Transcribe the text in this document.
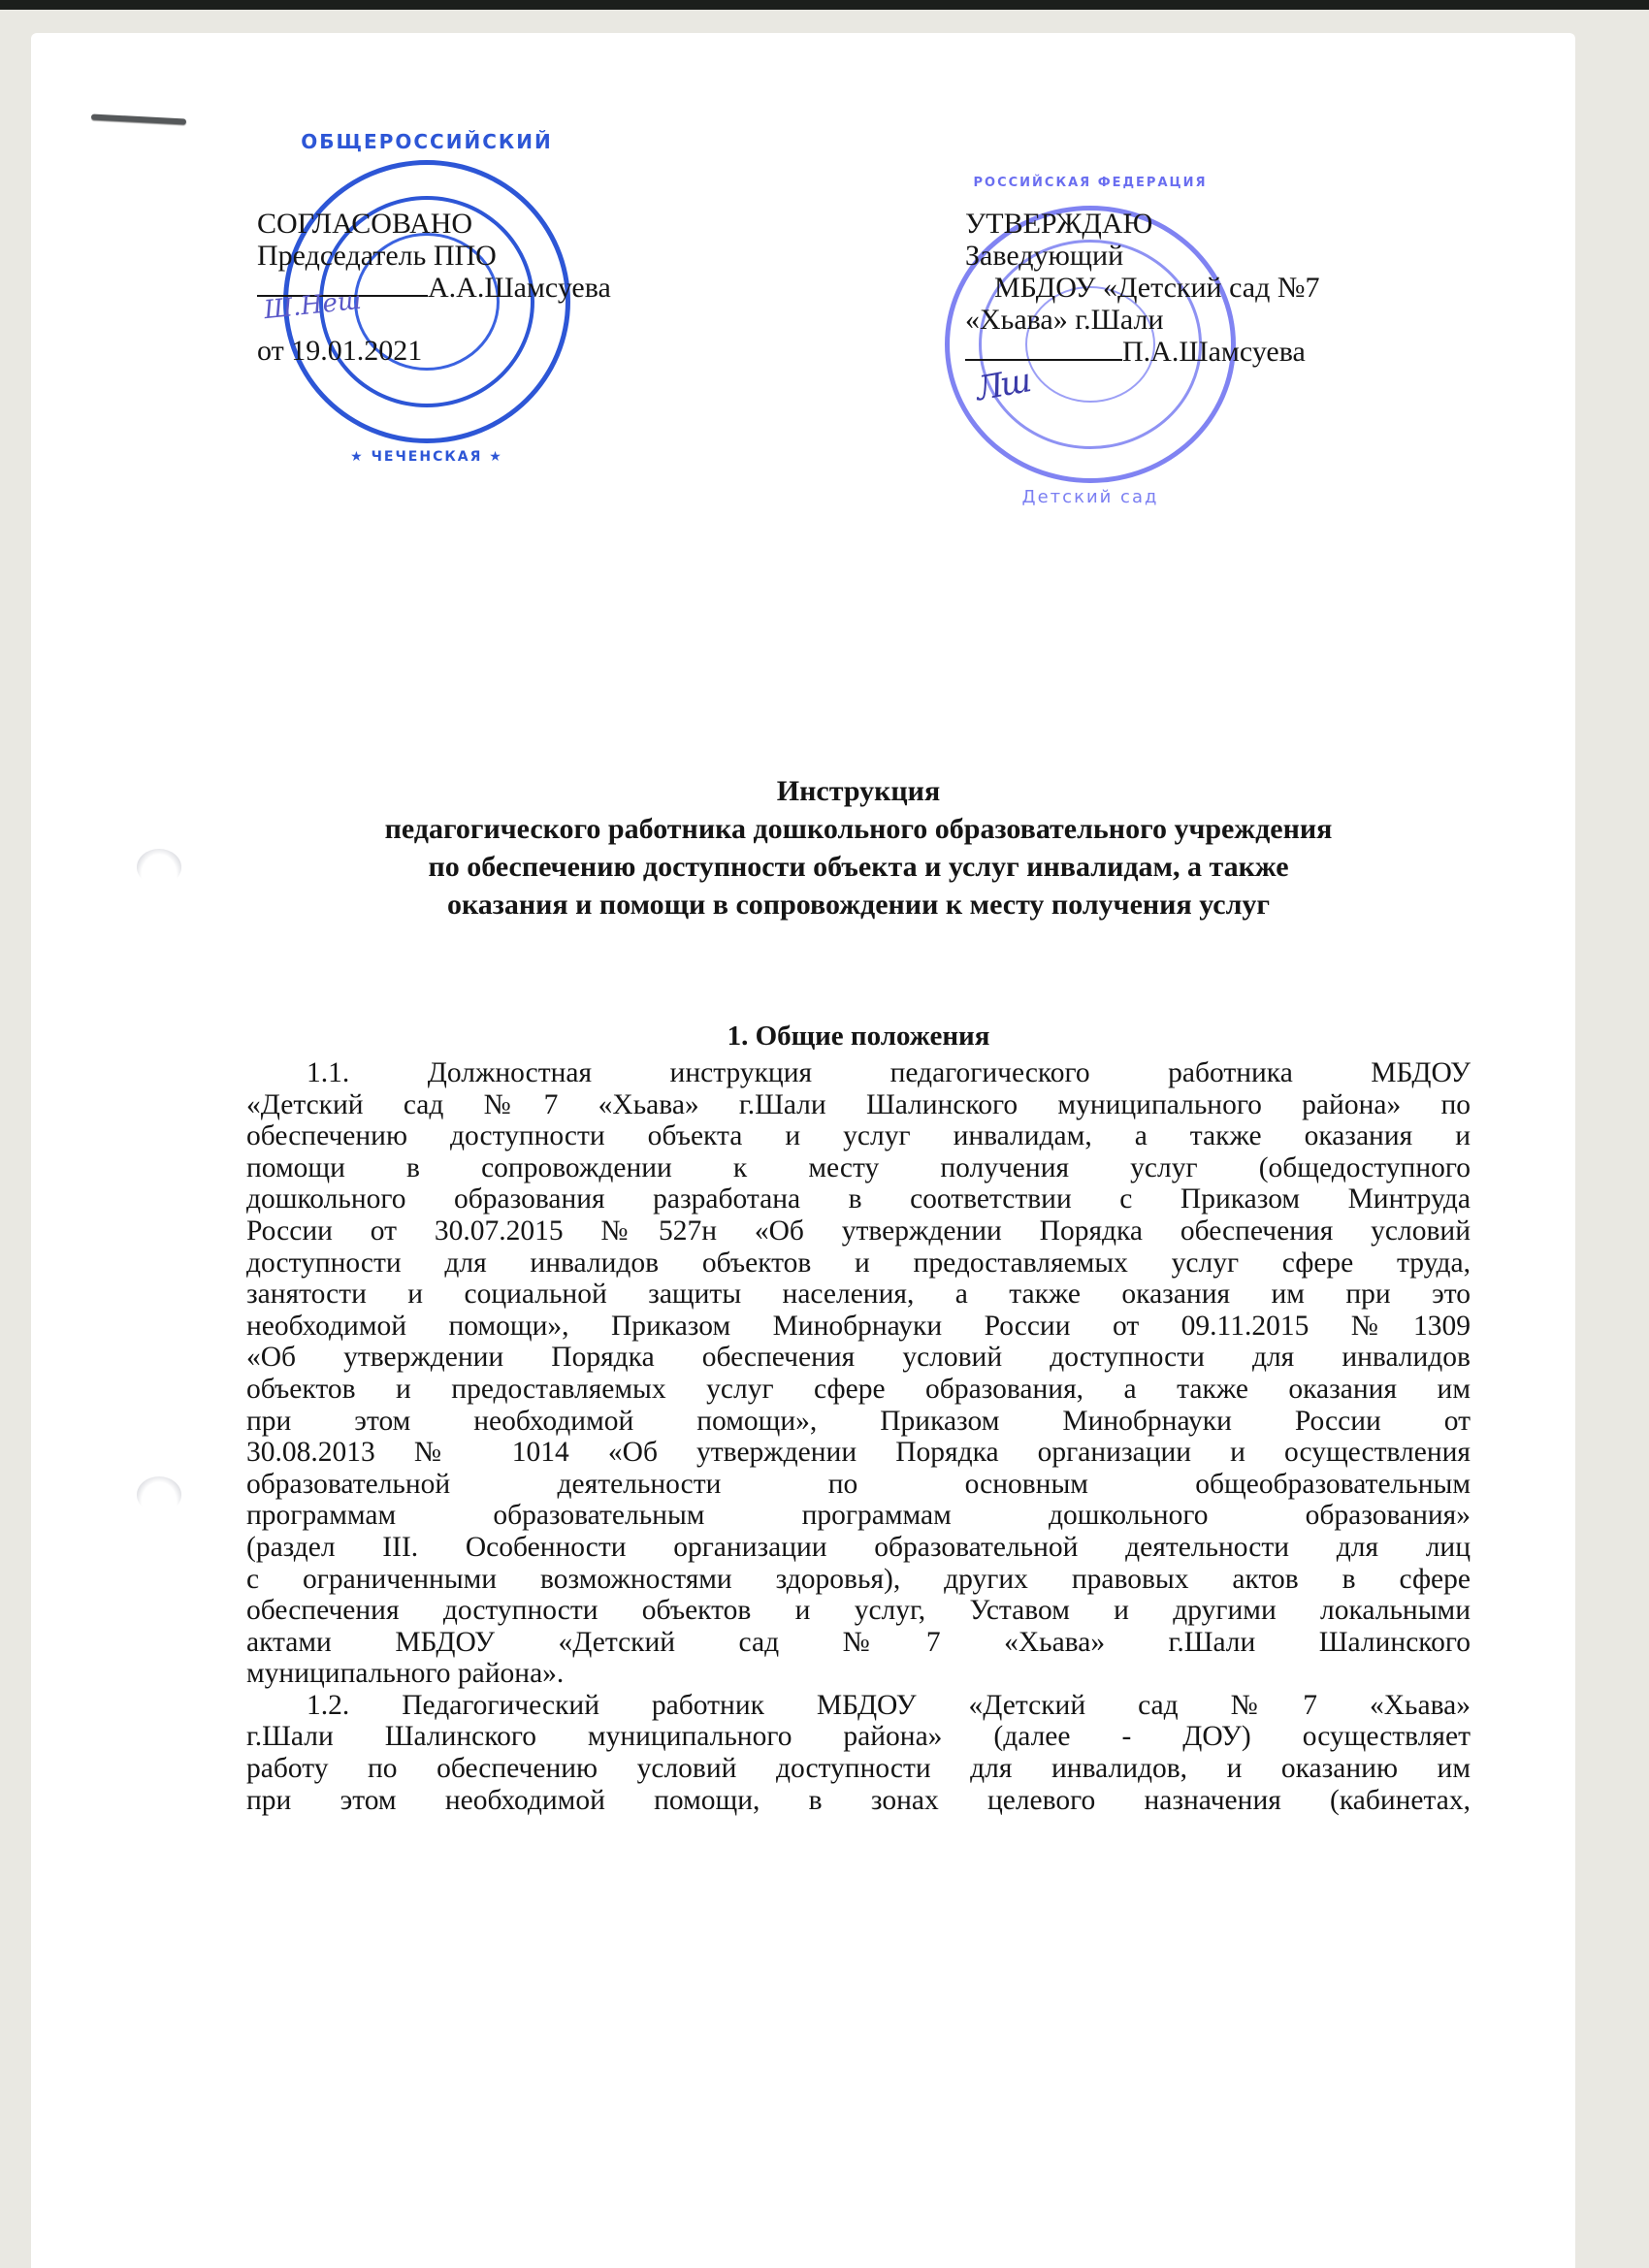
ОБЩЕРОССИЙСКИЙ
★ ЧЕЧЕНСКАЯ ★
РОССИЙСКАЯ ФЕДЕРАЦИЯ
Детский сад
СОГЛАСОВАНО
Председатель ППО
А.А.Шамсуева
от 19.01.2021
УТВЕРЖДАЮ
Заведующий
МБДОУ «Детский сад №7
«Хьава» г.Шали
П.А.Шамсуева
Ш.Неш
Лш
Инструкция
педагогического работника дошкольного образовательного учреждения
по обеспечению доступности объекта и услуг инвалидам, а также
оказания и помощи в сопровождении к месту получения услуг
1. Общие положения
1.1. Должностная инструкция педагогического работника МБДОУ
«Детский сад №7 «Хьава» г.Шали Шалинского муниципального района» по
обеспечению доступности объекта и услуг инвалидам, а также оказания и
помощи в сопровождении к месту получения услуг (общедоступного
дошкольного образования разработана в соответствии с Приказом Минтруда
России от 30.07.2015 №527н «Об утверждении Порядка обеспечения условий
доступности для инвалидов объектов и предоставляемых услуг сфере труда,
занятости и социальной защиты населения, а также оказания им при это
необходимой помощи», Приказом Минобрнауки России от 09.11.2015 №1309
«Об утверждении Порядка обеспечения условий доступности для инвалидов
объектов и предоставляемых услуг сфере образования, а также оказания им
при этом необходимой помощи», Приказом Минобрнауки России от
30.08.2013 № 1014 «Об утверждении Порядка организации и осуществления
образовательной деятельности по основным общеобразовательным
программам образовательным программам дошкольного образования»
(раздел III. Особенности организации образовательной деятельности для лиц
с ограниченными возможностями здоровья), других правовых актов в сфере
обеспечения доступности объектов и услуг, Уставом и другими локальными
актами МБДОУ «Детский сад №7 «Хьава» г.Шали Шалинского
муниципального района».
1.2. Педагогический работник МБДОУ «Детский сад №7 «Хьава»
г.Шали Шалинского муниципального района» (далее - ДОУ) осуществляет
работу по обеспечению условий доступности для инвалидов, и оказанию им
при этом необходимой помощи, в зонах целевого назначения (кабинетах,
